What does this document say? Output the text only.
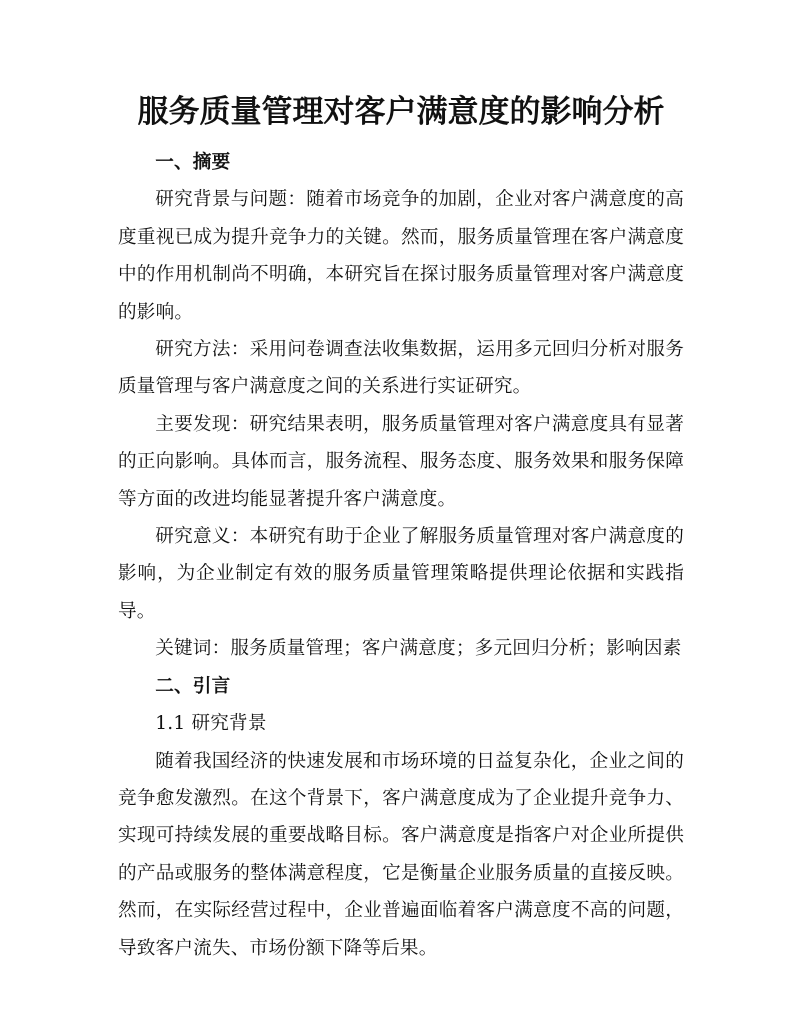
服务质量管理对客户满意度的影响分析

一、摘要

研究背景与问题：随着市场竞争的加剧，企业对客户满意度的高度重视已成为提升竞争力的关键。然而，服务质量管理在客户满意度中的作用机制尚不明确，本研究旨在探讨服务质量管理对客户满意度的影响。

研究方法：采用问卷调查法收集数据，运用多元回归分析对服务质量管理与客户满意度之间的关系进行实证研究。

主要发现：研究结果表明，服务质量管理对客户满意度具有显著的正向影响。具体而言，服务流程、服务态度、服务效果和服务保障等方面的改进均能显著提升客户满意度。

研究意义：本研究有助于企业了解服务质量管理对客户满意度的影响，为企业制定有效的服务质量管理策略提供理论依据和实践指导。

关键词：服务质量管理；客户满意度；多元回归分析；影响因素

二、引言

1.1 研究背景

随着我国经济的快速发展和市场环境的日益复杂化，企业之间的竞争愈发激烈。在这个背景下，客户满意度成为了企业提升竞争力、实现可持续发展的重要战略目标。客户满意度是指客户对企业所提供的产品或服务的整体满意程度，它是衡量企业服务质量的直接反映。然而，在实际经营过程中，企业普遍面临着客户满意度不高的问题，导致客户流失、市场份额下降等后果。
